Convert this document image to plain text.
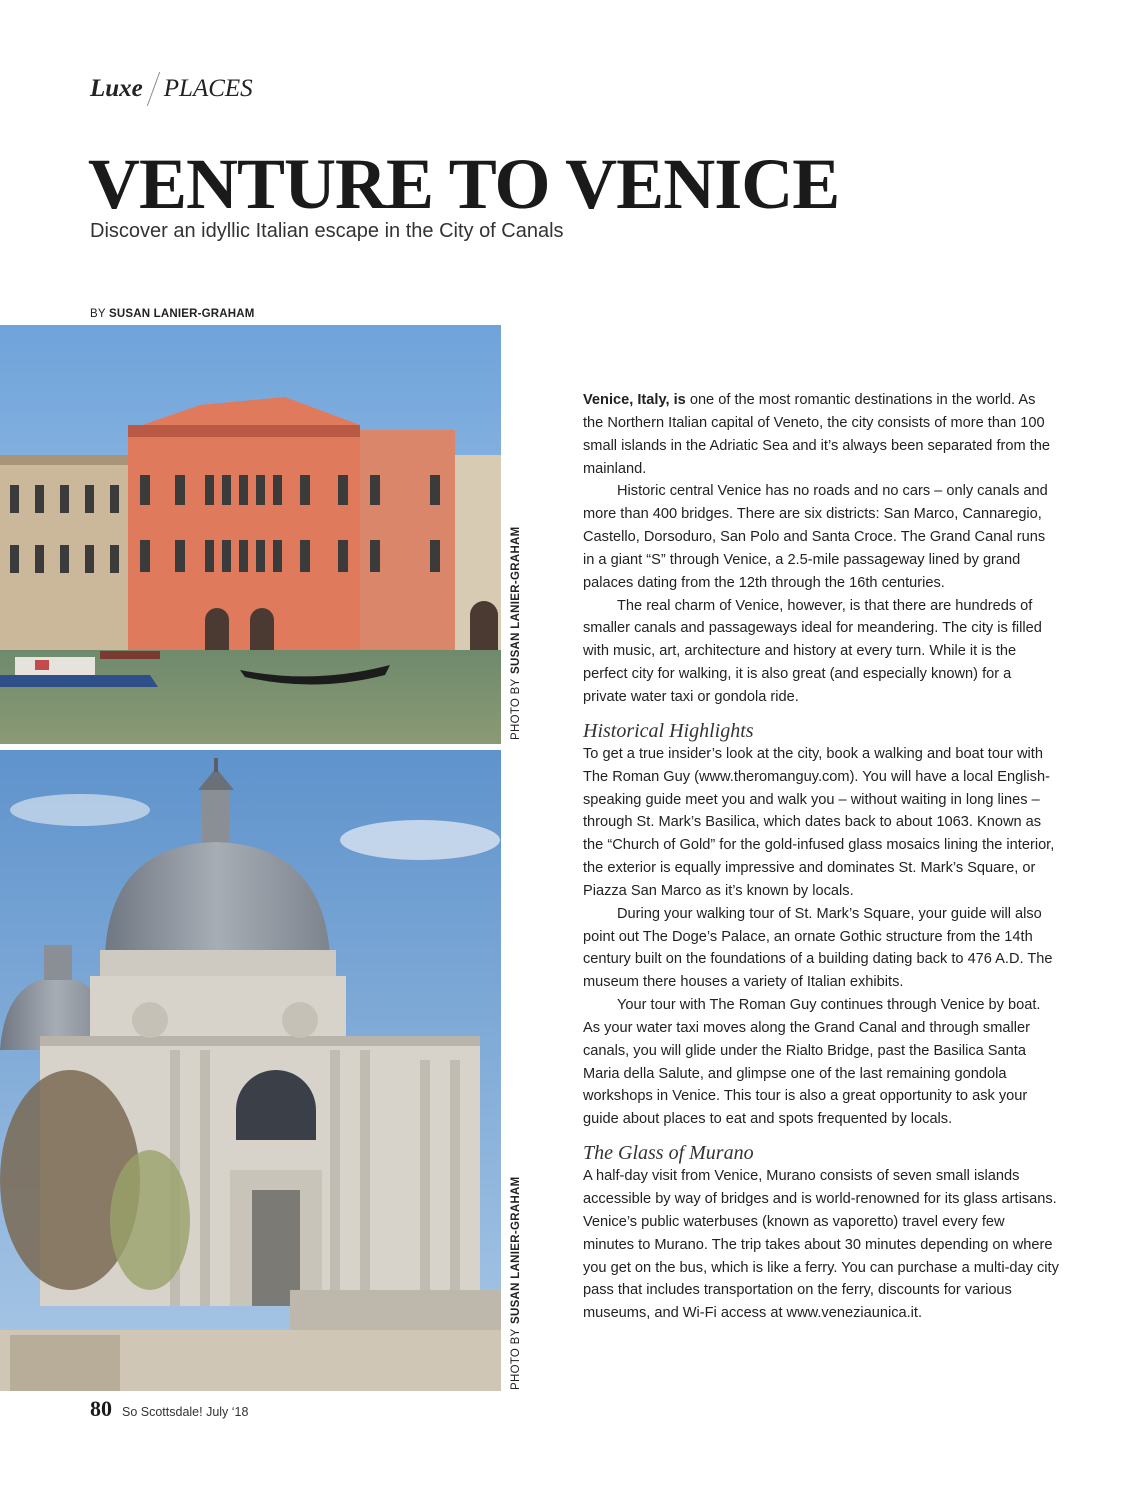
Luxe PLACES
VENTURE TO VENICE
Discover an idyllic Italian escape in the City of Canals
BY SUSAN LANIER-GRAHAM
PHOTO BY
SUSAN LANIER-GRAHAM
PHOTO BY
SUSAN LANIER-GRAHAM

Venice, Italy, is one of the most romantic destinations in the world. As the Northern Italian capital of Veneto, the city consists of more than 100 small islands in the Adriatic Sea and it’s always been separated from the mainland.

Historic central Venice has no roads and no cars – only canals and more than 400 bridges. There are six districts: San Marco, Cannaregio, Castello, Dorsoduro, San Polo and Santa Croce. The Grand Canal runs in a giant “S” through Venice, a 2.5-mile passageway lined by grand palaces dating from the 12th through the 16th centuries.

The real charm of Venice, however, is that there are hundreds of smaller canals and passageways ideal for meandering. The city is filled with music, art, architecture and history at every turn. While it is the perfect city for walking, it is also great (and especially known) for a private water taxi or gondola ride.

Historical Highlights

To get a true insider’s look at the city, book a walking and boat tour with The Roman Guy (www.theromanguy.com). You will have a local English-speaking guide meet you and walk you – without waiting in long lines – through St. Mark’s Basilica, which dates back to about 1063. Known as the “Church of Gold” for the gold-infused glass mosaics lining the interior, the exterior is equally impressive and dominates St. Mark’s Square, or Piazza San Marco as it’s known by locals.

During your walking tour of St. Mark’s Square, your guide will also point out The Doge’s Palace, an ornate Gothic structure from the 14th century built on the foundations of a building dating back to 476 A.D. The museum there houses a variety of Italian exhibits.

Your tour with The Roman Guy continues through Venice by boat. As your water taxi moves along the Grand Canal and through smaller canals, you will glide under the Rialto Bridge, past the Basilica Santa Maria della Salute, and glimpse one of the last remaining gondola workshops in Venice. This tour is also a great opportunity to ask your guide about places to eat and spots frequented by locals.

The Glass of Murano

A half-day visit from Venice, Murano consists of seven small islands accessible by way of bridges and is world-renowned for its glass artisans. Venice’s public waterbuses (known as vaporetto) travel every few minutes to Murano. The trip takes about 30 minutes depending on where you get on the bus, which is like a ferry. You can purchase a multi-day city pass that includes transportation on the ferry, discounts for various museums, and Wi-Fi access at www.veneziaunica.it.

80 So Scottsdale! July ‘18
